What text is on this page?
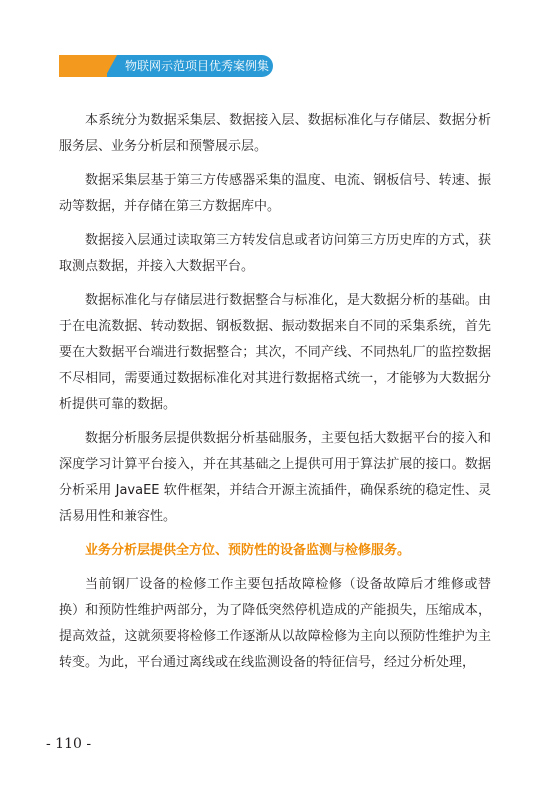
物联网示范项目优秀案例集

本系统分为数据采集层、数据接入层、数据标准化与存储层、数据分析服务层、业务分析层和预警展示层。

数据采集层基于第三方传感器采集的温度、电流、钢板信号、转速、振动等数据，并存储在第三方数据库中。

数据接入层通过读取第三方转发信息或者访问第三方历史库的方式，获取测点数据，并接入大数据平台。

数据标准化与存储层进行数据整合与标准化，是大数据分析的基础。由于在电流数据、转动数据、钢板数据、振动数据来自不同的采集系统，首先要在大数据平台端进行数据整合；其次，不同产线、不同热轧厂的监控数据不尽相同，需要通过数据标准化对其进行数据格式统一，才能够为大数据分析提供可靠的数据。

数据分析服务层提供数据分析基础服务，主要包括大数据平台的接入和深度学习计算平台接入，并在其基础之上提供可用于算法扩展的接口。数据分析采用 JavaEE 软件框架，并结合开源主流插件，确保系统的稳定性、灵活易用性和兼容性。

业务分析层提供全方位、预防性的设备监测与检修服务。

当前钢厂设备的检修工作主要包括故障检修（设备故障后才维修或替换）和预防性维护两部分，为了降低突然停机造成的产能损失，压缩成本，提高效益，这就须要将检修工作逐渐从以故障检修为主向以预防性维护为主转变。为此，平台通过离线或在线监测设备的特征信号，经过分析处理，

- 110 -
